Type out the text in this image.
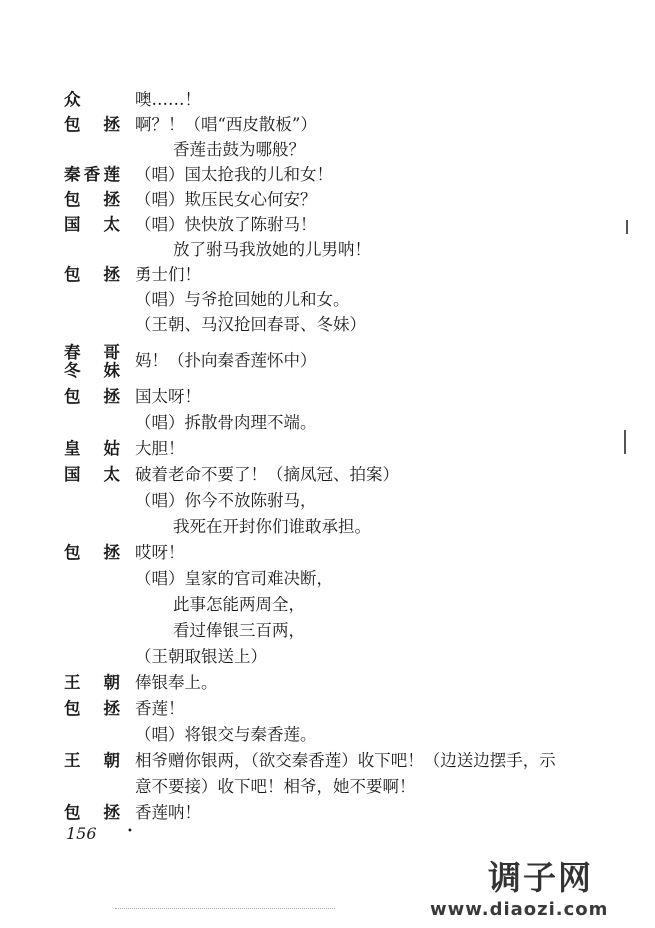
众	噢……！
包 拯 啊？！（唱“西皮散板”）
香莲击鼓为哪般？
秦 香 莲 （唱）国太抢我的儿和女！
包 拯 （唱）欺压民女心何安？
国 太 （唱）快快放了陈驸马！
放了驸马我放她的儿男呐！
包 拯 勇士们！
（唱）与爷抢回她的儿和女。
（王朝、马汉抢回春哥、冬妹）
春 哥
冬 妹
妈！（扑向秦香莲怀中）
包 拯 国太呀！
（唱）拆散骨肉理不端。
皇 姑 大胆！
国 太 破着老命不要了！（摘凤冠、拍案）
（唱）你今不放陈驸马，
我死在开封你们谁敢承担。
包 拯 哎呀！
（唱）皇家的官司难决断，
此事怎能两周全，
看过俸银三百两，
（王朝取银送上）
王 朝 俸银奉上。
包 拯 香莲！
（唱）将银交与秦香莲。
王 朝 相爷赠你银两，（欲交秦香莲）收下吧！（边送边摆手，示
意不要接）收下吧！相爷，她不要啊！
包 拯 香莲呐！
156	•
调子网
www.diaozi.com
